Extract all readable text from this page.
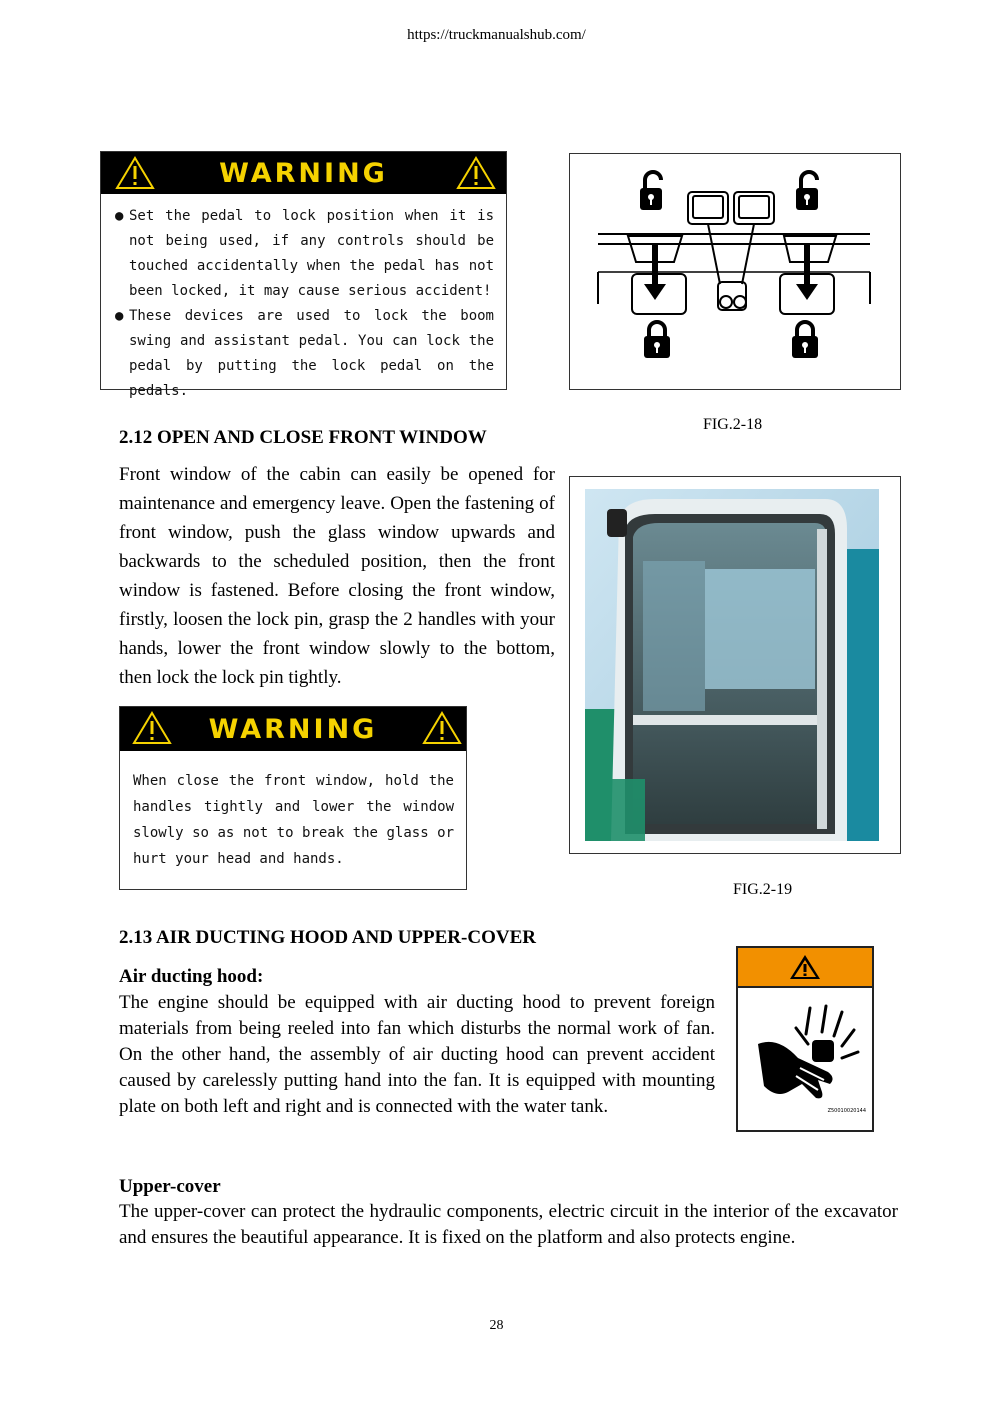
https://truckmanualshub.com/
WARNING
● Set the pedal to lock position when it is not being used, if any controls should be touched accidentally when the pedal has not been locked, it may cause serious accident!
● These devices are used to lock the boom swing and assistant pedal. You can lock the pedal by putting the lock pedal on the pedals.
FIG.2-18
2.12 OPEN AND CLOSE FRONT WINDOW
Front window of the cabin can easily be opened for maintenance and emergency leave. Open the fastening of front window, push the glass window upwards and backwards to the scheduled position, then the front window is fastened. Before closing the front window, firstly, loosen the lock pin, grasp the 2 handles with your hands, lower the front window slowly to the bottom, then lock the lock pin tightly.
WARNING
When close the front window, hold the handles tightly and lower the window slowly so as not to break the glass or hurt your head and hands.
FIG.2-19
2.13 AIR DUCTING HOOD AND UPPER-COVER
Air ducting hood:
The engine should be equipped with air ducting hood to prevent foreign materials from being reeled into fan which disturbs the normal work of fan. On the other hand, the assembly of air ducting hood can prevent accident caused by carelessly putting hand into the fan. It is equipped with mounting plate on both left and right and is connected with the water tank.	Z50010020144
Upper-cover
The upper-cover can protect the hydraulic components, electric circuit in the interior of the excavator and ensures the beautiful appearance. It is fixed on the platform and also protects engine.
28
